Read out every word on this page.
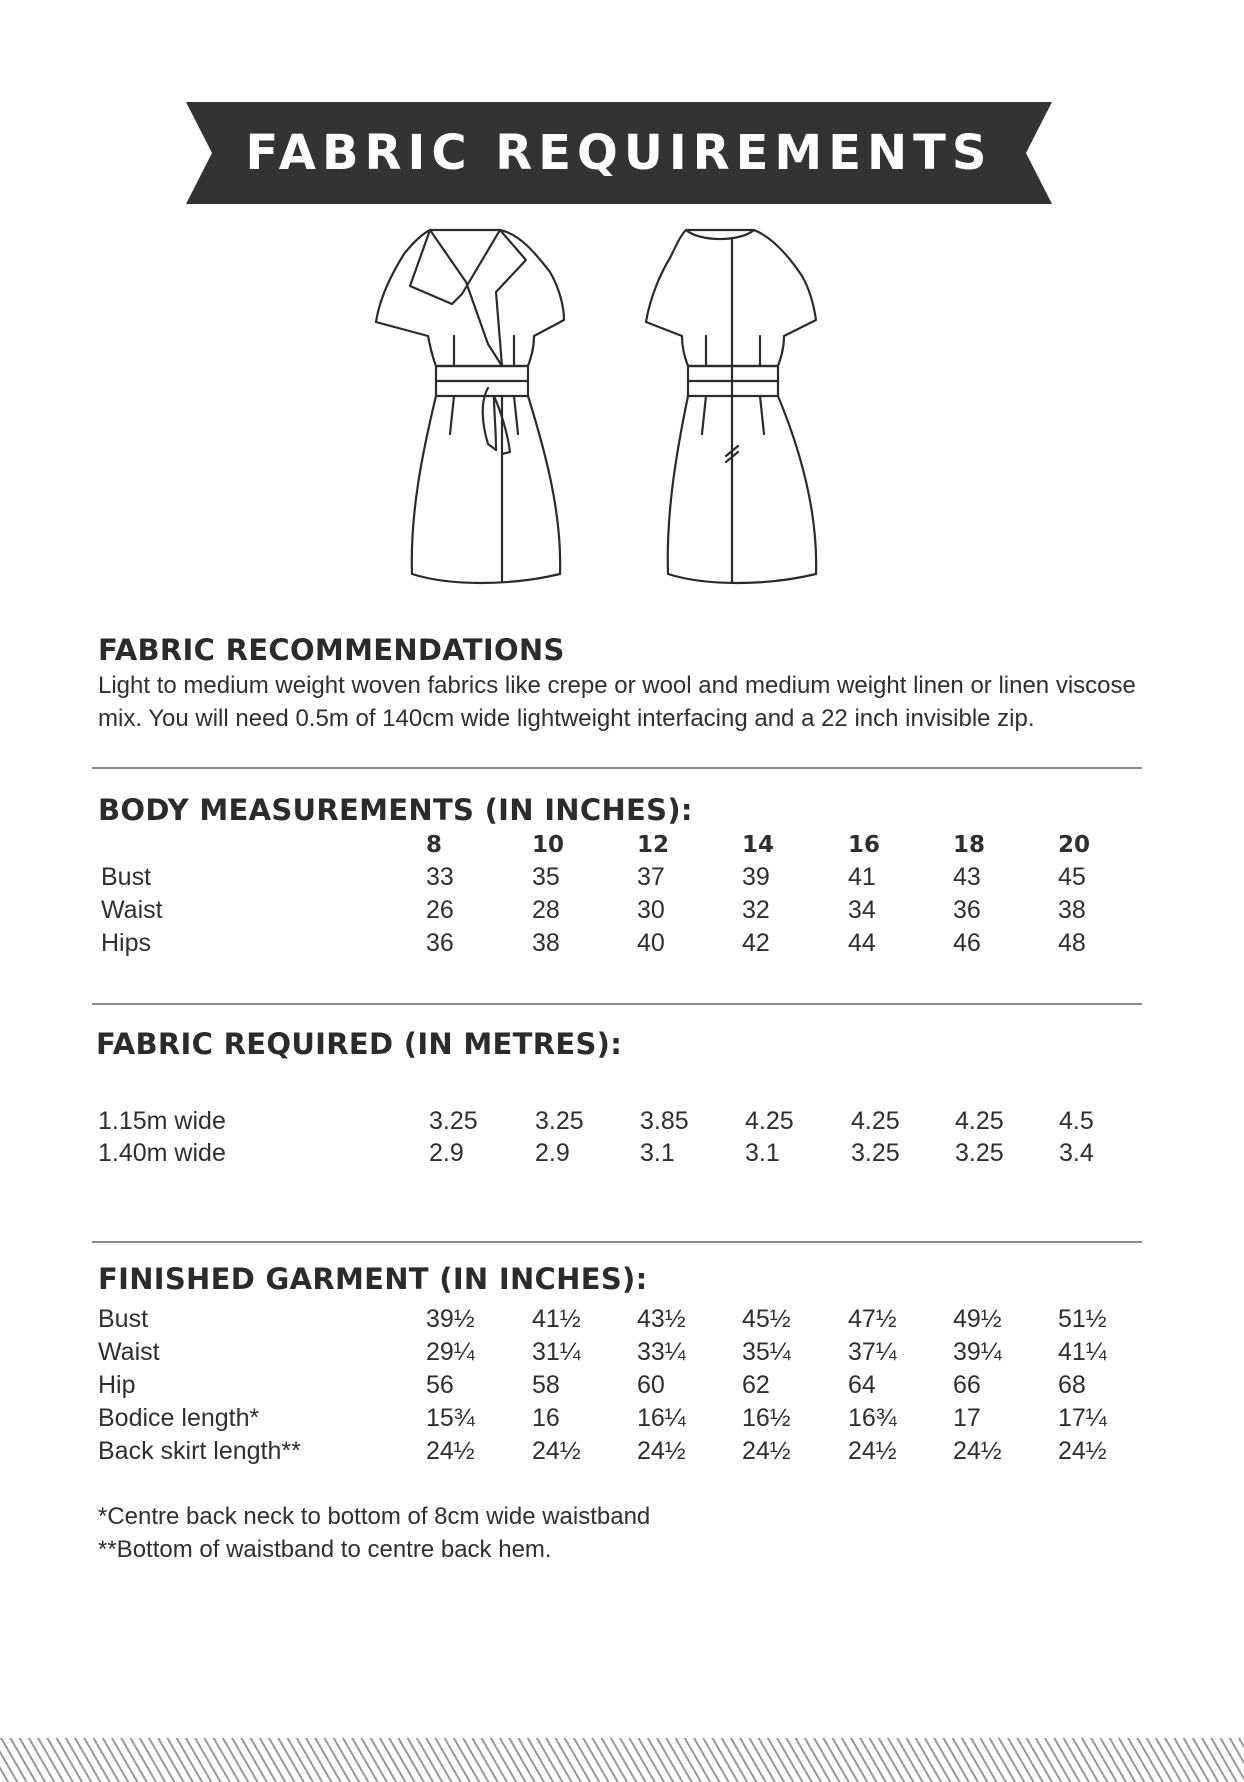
FABRIC REQUIREMENTS
FABRIC RECOMMENDATIONS
Light to medium weight woven fabrics like crepe or wool and medium weight linen or linen viscose
mix. You will need 0.5m of 140cm wide lightweight interfacing and a 22 inch invisible zip.
BODY MEASUREMENTS (IN INCHES):
8	10	12	14	16	18	20
Bust	33	35	37	39	41	43	45
Waist	26	28	30	32	34	36	38
Hips	36	38	40	42	44	46	48
FABRIC REQUIRED (IN METRES):
1.15m wide	3.25 3.25 3.85 4.25 4.25 4.25 4.5
1.40m wide	2.9	2.9	3.1	3.1	3.25 3.25 3.4
FINISHED GARMENT (IN INCHES):
Bust	39½ 41½ 43½ 45½ 47½ 49½ 51½
Waist	29¼ 31¼ 33¼ 35¼ 37¼ 39¼ 41¼
Hip	56	58	60	62	64	66	68
Bodice length*	15¾ 16	16¼ 16½ 16¾ 17	17¼
Back skirt length**	24½ 24½ 24½ 24½ 24½ 24½ 24½
*Centre back neck to bottom of 8cm wide waistband
**Bottom of waistband to centre back hem.
